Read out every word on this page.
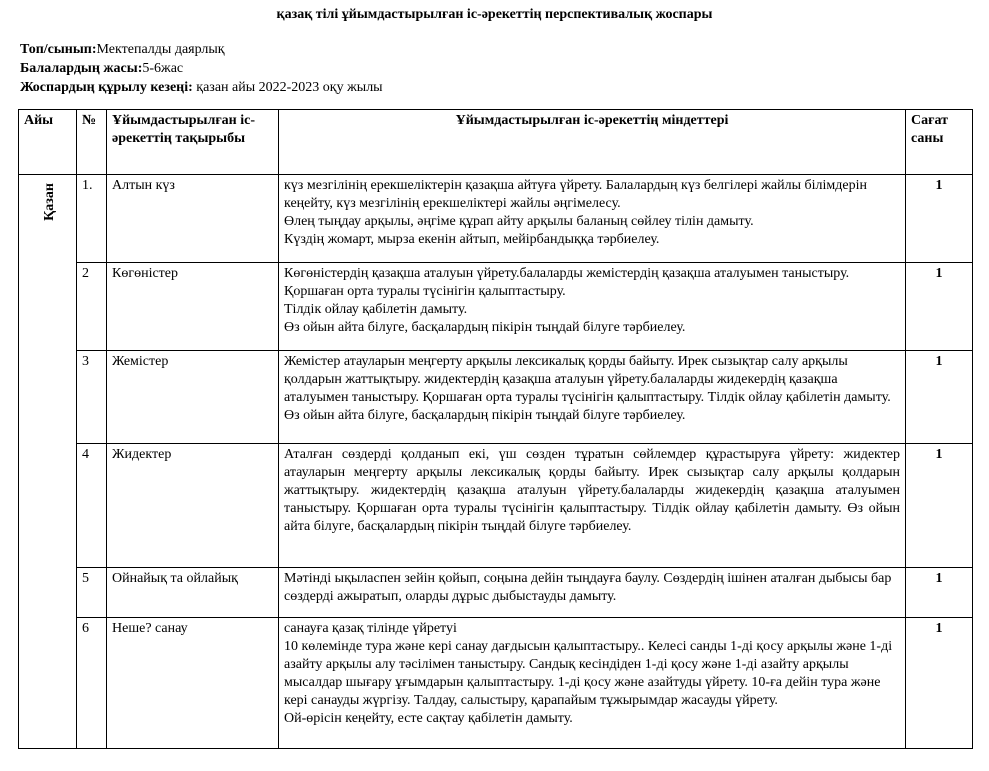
қазақ тілі ұйымдастырылған іс-әрекеттің перспективалық жоспары
Топ/сынып:Мектепалды даярлық
Балалардың жасы:5-6жас
Жоспардың құрылу кезеңі: қазан айы 2022-2023 оқу жылы
Айы	№	Ұйымдастырылған іс-әрекеттің тақырыбы	Ұйымдастырылған іс-әрекеттің міндеттері	Сағат саны

Қазан	1.	Алтын күз	күз мезгілінің ерекшеліктерін қазақша айтуға үйрету. Балалардың күз белгілері жайлы білімдерін кеңейту, күз мезгілінің ерекшеліктері жайлы әңгімелесу.
Өлең тыңдау арқылы, әңгіме құрап айту арқылы баланың сөйлеу тілін дамыту.
Күздің жомарт, мырза екенін айтып, мейірбандыққа тәрбиелеу.	1
	2	Көгөністер	Көгөністердің қазақша аталуын үйрету.балаларды жемістердің қазақша аталуымен таныстыру. Қоршаған орта туралы түсінігін қалыптастыру.
Тілдік ойлау қабілетін дамыту.
Өз ойын айта білуге, басқалардың пікірін тыңдай білуге тәрбиелеу.	1
	3	Жемістер	Жемістер атауларын меңгерту арқылы лексикалық қорды байыту. Ирек сызықтар салу арқылы қолдарын жаттықтыру. жидектердің қазақша аталуын үйрету.балаларды жидекердің қазақша аталуымен таныстыру. Қоршаған орта туралы түсінігін қалыптастыру. Тілдік ойлау қабілетін дамыту. Өз ойын айта білуге, басқалардың пікірін тыңдай білуге тәрбиелеу.	1
	4	Жидектер	Аталған сөздерді қолданып екі, үш сөзден тұратын сөйлемдер құрастыруға үйрету: жидектер атауларын меңгерту арқылы лексикалық қорды байыту. Ирек сызықтар салу арқылы қолдарын жаттықтыру. жидектердің қазақша аталуын үйрету.балаларды жидекердің қазақша аталуымен таныстыру. Қоршаған орта туралы түсінігін қалыптастыру. Тілдік ойлау қабілетін дамыту. Өз ойын айта білуге, басқалардың пікірін тыңдай білуге тәрбиелеу.	1
	5	Ойнайық та ойлайық	Мәтінді ықыласпен зейін қойып, соңына дейін тыңдауға баулу. Сөздердің ішінен аталған дыбысы бар сөздерді ажыратып, оларды дұрыс дыбыстауды дамыту.	1
	6	Неше? санау	санауға қазақ тілінде үйретуі
10 көлемінде тура және кері санау дағдысын қалыптастыру.. Келесі санды 1-ді қосу арқылы және 1-ді азайту арқылы алу тәсілімен таныстыру. Сандық кесіндіден 1-ді қосу және 1-ді азайту арқылы мысалдар шығару ұғымдарын қалыптастыру. 1-ді қосу және азайтуды үйрету. 10-ға дейін тура және кері санауды жүргізу. Талдау, салыстыру, қарапайым тұжырымдар жасауды үйрету.
Ой-өрісін кеңейту, есте сақтау қабілетін дамыту.	1
